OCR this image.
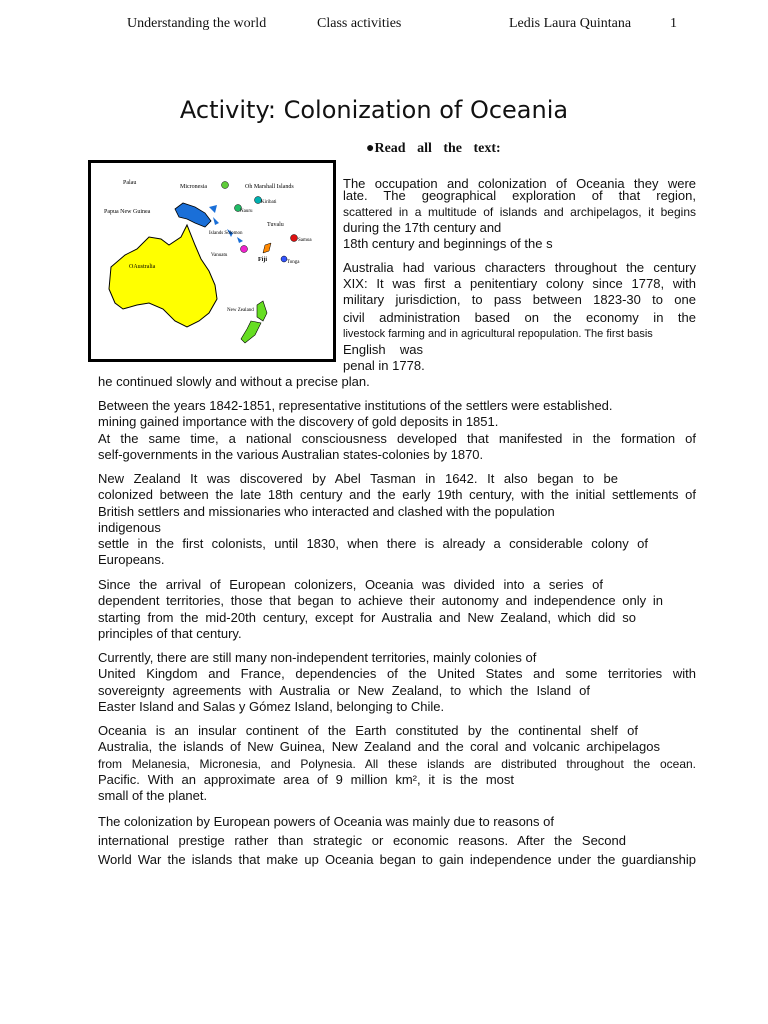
Understanding the world	Class activities	Ledis Laura Quintana	1
Activity: Colonization of Oceania
●Read all the text:
Palau
Micronesia	Oh Marshall Islands
Kiribati
Nauru
Papua New Guinea
Tuvalu
Islands Solomon
Samoa
Vanuatu
Fiji	Tonga
OAustralia
New Zealand
The occupation and colonization of Oceania they were
late. The geographical exploration of that region,
scattered in a multitude of islands and archipelagos, it begins
during the 17th century and
18th century and beginnings of the s
Australia had various characters throughout the century
XIX: It was first a penitentiary colony since 1778, with
military jurisdiction, to pass between 1823-30 to one
civil administration based on the economy in the
livestock farming and in agricultural repopulation. The first basis
English was
penal in 1778.
he continued slowly and without a precise plan.
Between the years 1842-1851, representative institutions of the settlers were established.
mining gained importance with the discovery of gold deposits in 1851.
At the same time, a national consciousness developed that manifested in the formation of
self-governments in the various Australian states-colonies by 1870.
New Zealand It was discovered by Abel Tasman in 1642. It also began to be
colonized between the late 18th century and the early 19th century, with the initial settlements of
British settlers and missionaries who interacted and clashed with the population
indigenous
settle in the first colonists, until 1830, when there is already a considerable colony of
Europeans.
Since the arrival of European colonizers, Oceania was divided into a series of
dependent territories, those that began to achieve their autonomy and independence only in
starting from the mid-20th century, except for Australia and New Zealand, which did so
principles of that century.
Currently, there are still many non-independent territories, mainly colonies of
United Kingdom and France, dependencies of the United States and some territories with
sovereignty agreements with Australia or New Zealand, to which the Island of
Easter Island and Salas y Gómez Island, belonging to Chile.
Oceania is an insular continent of the Earth constituted by the continental shelf of
Australia, the islands of New Guinea, New Zealand and the coral and volcanic archipelagos
from Melanesia, Micronesia, and Polynesia. All these islands are distributed throughout the ocean.
Pacific. With an approximate area of 9 million km², it is the most
small of the planet.
The colonization by European powers of Oceania was mainly due to reasons of
international prestige rather than strategic or economic reasons. After the Second
World War the islands that make up Oceania began to gain independence under the guardianship
